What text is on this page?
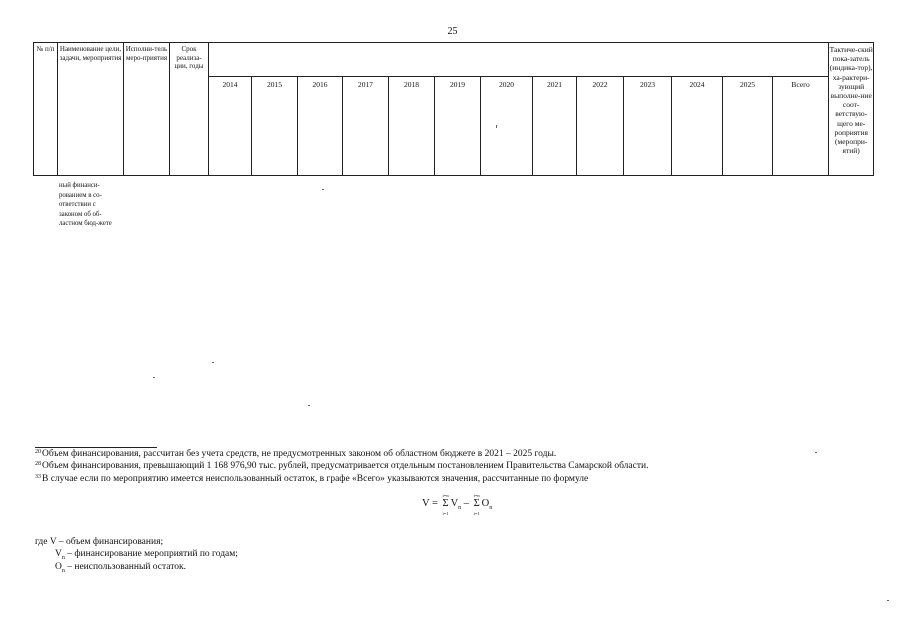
25
№ п/п	Наименование цели, задачи, мероприятия	Исполни-тель меро-приятия	Срок реализа-ции, годы														Тактиче-ский пока-затель (индика-тор), ха-рактери-зующий выполне-ние соот-ветствую-щего ме-роприятия (меропри-ятий)
				2014	2015	2016	2017	2018	2019	2020	2021	2022	2023	2024	2025	Всего	
ный финанси-рованием в со-ответствии с законом об об-ластном бюд-жете
$^{20}$Объем финансирования, рассчитан без учета средств, не предусмотренных законом об областном бюджете в 2021 – 2025 годы.
$^{28}$Объем финансирования, превышающий 1 168 976,90 тыс. рублей, предусматривается отдельным постановлением Правительства Самарской области.
$^{33}$В случае если по мероприятию имеется неиспользованный остаток, в графе «Всего» указываются значения, рассчитанные по формуле
V = Σ
i=n
i=1
$V_n$ – Σ
i=n
i=1
$O_n$
где V – объем финансирования;
$V_n$ – финансирование мероприятий по годам;
$O_n$ – неиспользованный остаток.
